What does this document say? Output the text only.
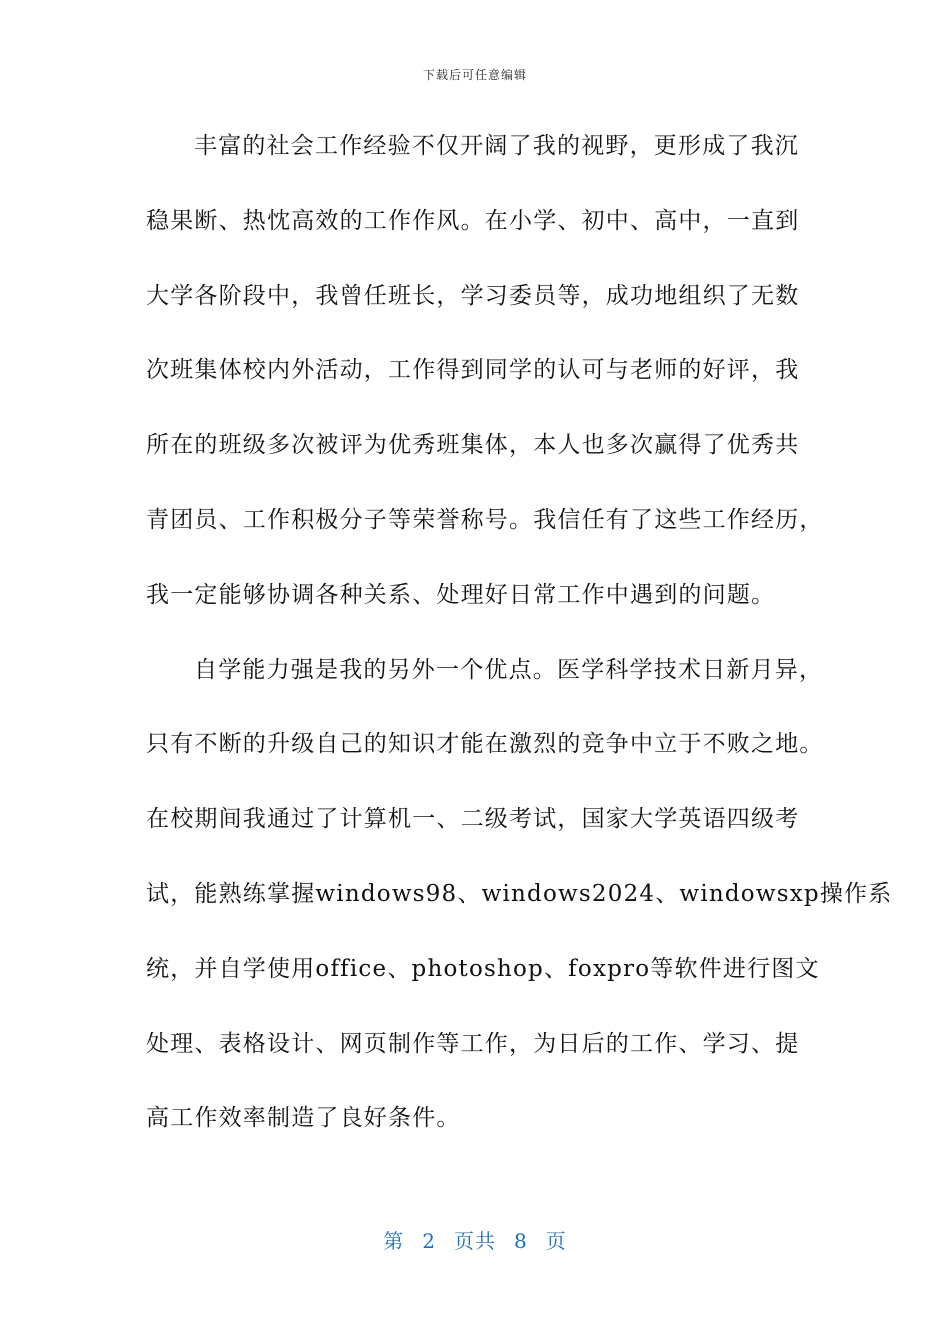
下载后可任意编辑
丰富的社会工作经验不仅开阔了我的视野，更形成了我沉
稳果断、热忱高效的工作作风。在小学、初中、高中，一直到
大学各阶段中，我曾任班长，学习委员等，成功地组织了无数
次班集体校内外活动，工作得到同学的认可与老师的好评，我
所在的班级多次被评为优秀班集体，本人也多次赢得了优秀共
青团员、工作积极分子等荣誉称号。我信任有了这些工作经历，
我一定能够协调各种关系、处理好日常工作中遇到的问题。
自学能力强是我的另外一个优点。医学科学技术日新月异，
只有不断的升级自己的知识才能在激烈的竞争中立于不败之地。
在校期间我通过了计算机一、二级考试，国家大学英语四级考
试，能熟练掌握windows98、windows2024、windowsxp操作系
统，并自学使用office、photoshop、foxpro等软件进行图文
处理、表格设计、网页制作等工作，为日后的工作、学习、提
高工作效率制造了良好条件。
第 2 页共 8 页
